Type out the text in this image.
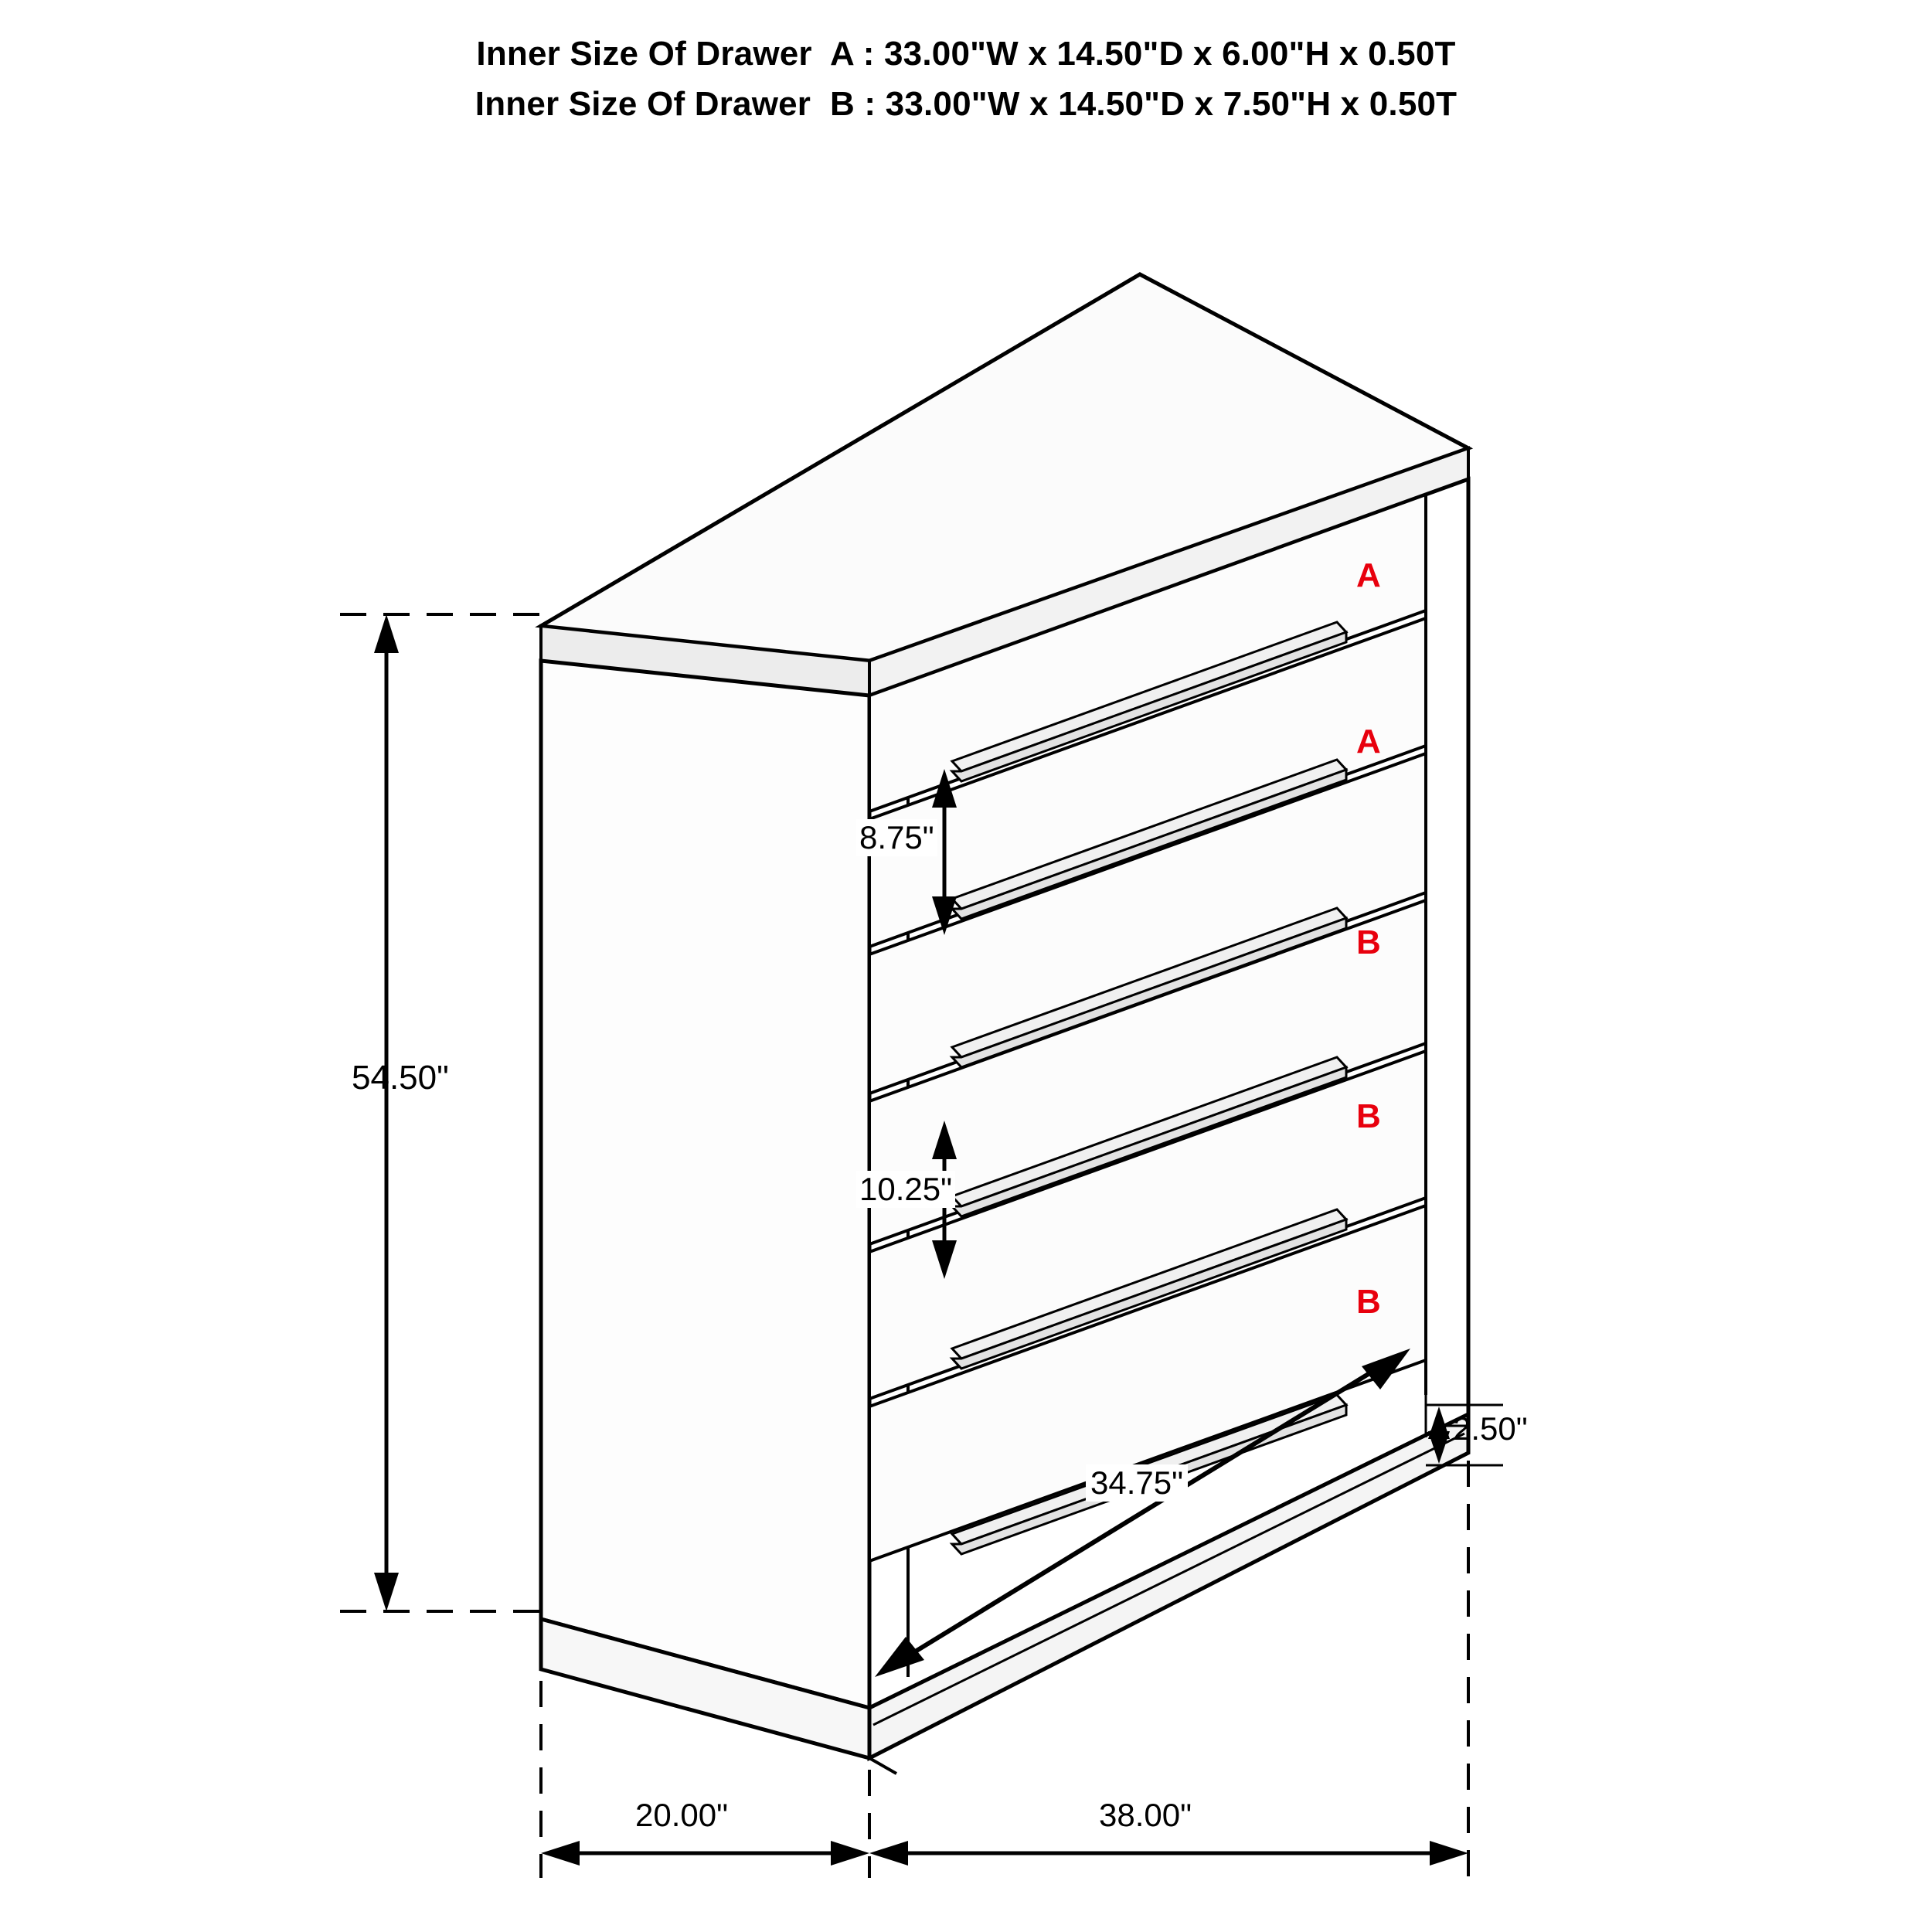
Inner Size Of Drawer  A : 33.00"W x 14.50"D x 6.00"H x 0.50T
Inner Size Of Drawer  B : 33.00"W x 14.50"D x 7.50"H x 0.50T
A
A
B
B
B
54.50"
8.75"
10.25"
34.75"
2.50"
20.00"	38.00"
